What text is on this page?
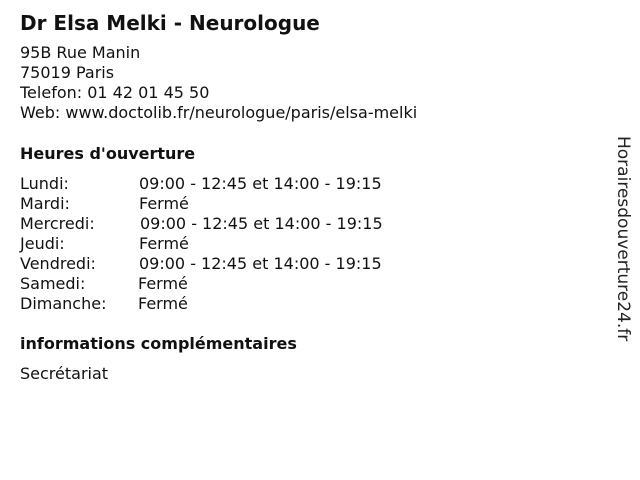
Dr Elsa Melki - Neurologue
95B Rue Manin
75019 Paris
Telefon: 01 42 01 45 50
Web: www.doctolib.fr/neurologue/paris/elsa-melki
Heures d'ouverture
Lundi:	09:00 - 12:45 et 14:00 - 19:15
Mardi:	Fermé
Mercredi:	09:00 - 12:45 et 14:00 - 19:15
Jeudi:	Fermé
Vendredi:	09:00 - 12:45 et 14:00 - 19:15
Samedi:	Fermé
Dimanche: Fermé
informations complémentaires
Secrétariat
Horairesdouverture24.fr
